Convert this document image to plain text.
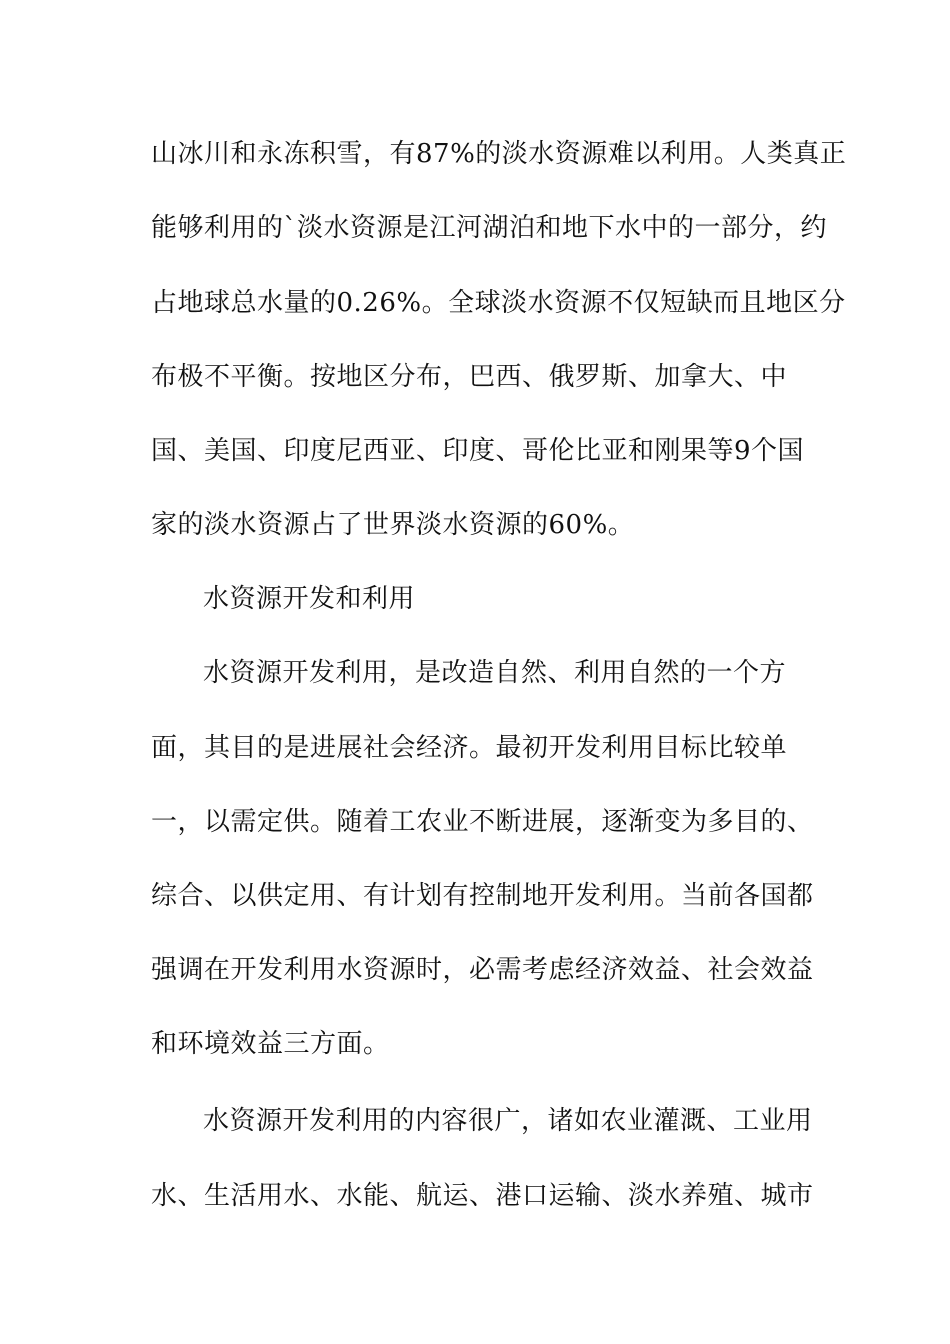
山冰川和永冻积雪，有87%的淡水资源难以利用。人类真正
能够利用的`淡水资源是江河湖泊和地下水中的一部分，约
占地球总水量的0.26%。全球淡水资源不仅短缺而且地区分
布极不平衡。按地区分布，巴西、俄罗斯、加拿大、中
国、美国、印度尼西亚、印度、哥伦比亚和刚果等9个国
家的淡水资源占了世界淡水资源的60%。
水资源开发和利用
水资源开发利用，是改造自然、利用自然的一个方
面，其目的是进展社会经济。最初开发利用目标比较单
一，以需定供。随着工农业不断进展，逐渐变为多目的、
综合、以供定用、有计划有控制地开发利用。当前各国都
强调在开发利用水资源时，必需考虑经济效益、社会效益
和环境效益三方面。
水资源开发利用的内容很广，诸如农业灌溉、工业用
水、生活用水、水能、航运、港口运输、淡水养殖、城市
